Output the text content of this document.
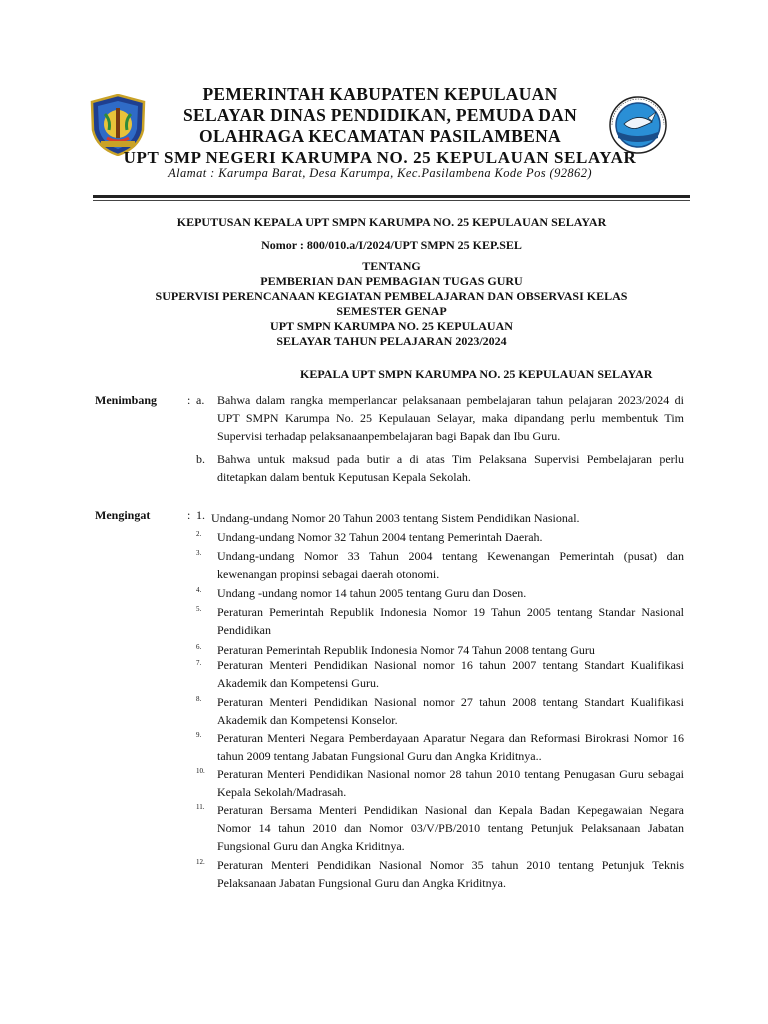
PEMERINTAH KABUPATEN KEPULAUAN
SELAYAR DINAS PENDIDIKAN, PEMUDA DAN
OLAHRAGA KECAMATAN PASILAMBENA
UPT SMP NEGERI KARUMPA NO. 25 KEPULAUAN SELAYAR
Alamat : Karumpa Barat, Desa Karumpa, Kec.Pasilambena Kode Pos (92862)
KEPUTUSAN KEPALA UPT SMPN KARUMPA NO. 25 KEPULAUAN SELAYAR
Nomor : 800/010.a/I/2024/UPT SMPN 25 KEP.SEL
TENTANG
PEMBERIAN DAN PEMBAGIAN TUGAS GURU
SUPERVISI PERENCANAAN KEGIATAN PEMBELAJARAN DAN OBSERVASI KELAS
SEMESTER GENAP
UPT SMPN KARUMPA NO. 25 KEPULAUAN
SELAYAR TAHUN PELAJARAN 2023/2024
KEPALA UPT SMPN KARUMPA NO. 25 KEPULAUAN SELAYAR
Menimbang : a. Bahwa dalam rangka memperlancar pelaksanaan pembelajaran tahun pelajaran 2023/2024 di UPT SMPN Karumpa No. 25 Kepulauan Selayar, maka dipandang perlu membentuk Tim Supervisi terhadap pelaksanaanpembelajaran bagi Bapak dan Ibu Guru.
b. Bahwa untuk maksud pada butir a di atas Tim Pelaksana Supervisi Pembelajaran perlu ditetapkan dalam bentuk Keputusan Kepala Sekolah.
Mengingat	: 1. Undang-undang Nomor 20 Tahun 2003 tentang Sistem Pendidikan Nasional.
2. Undang-undang Nomor 32 Tahun 2004 tentang Pemerintah Daerah.
3. Undang-undang Nomor 33 Tahun 2004 tentang Kewenangan Pemerintah (pusat) dan kewenangan propinsi sebagai daerah otonomi.
4. Undang -undang nomor 14 tahun 2005 tentang Guru dan Dosen.
5. Peraturan Pemerintah Republik Indonesia Nomor 19 Tahun 2005 tentang Standar Nasional Pendidikan
6. Peraturan Pemerintah Republik Indonesia Nomor 74 Tahun 2008 tentang Guru
7. Peraturan Menteri Pendidikan Nasional nomor 16 tahun 2007 tentang Standart Kualifikasi Akademik dan Kompetensi Guru.
8. Peraturan Menteri Pendidikan Nasional nomor 27 tahun 2008 tentang Standart Kualifikasi Akademik dan Kompetensi Konselor.
9. Peraturan Menteri Negara Pemberdayaan Aparatur Negara dan Reformasi Birokrasi Nomor 16 tahun 2009 tentang Jabatan Fungsional Guru dan Angka Kriditnya..
10. Peraturan Menteri Pendidikan Nasional nomor 28 tahun 2010 tentang Penugasan Guru sebagai Kepala Sekolah/Madrasah.
11. Peraturan Bersama Menteri Pendidikan Nasional dan Kepala Badan Kepegawaian Negara Nomor 14 tahun 2010 dan Nomor 03/V/PB/2010 tentang Petunjuk Pelaksanaan Jabatan Fungsional Guru dan Angka Kriditnya.
12. Peraturan Menteri Pendidikan Nasional Nomor 35 tahun 2010 tentang Petunjuk Teknis Pelaksanaan Jabatan Fungsional Guru dan Angka Kriditnya.
